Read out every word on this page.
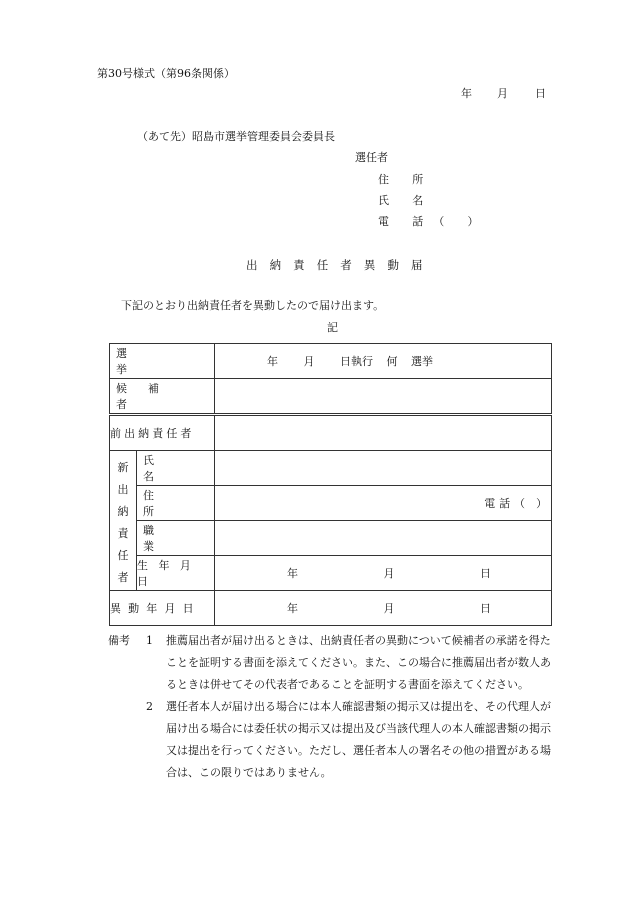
第30号様式（第96条関係）
年 月 日
（あて先）昭島市選挙管理委員会委員長
選任者
住 所
氏 名
電 話（ ）
出納責任者異動届
下記のとおり出納責任者を異動したので届け出ます。
記
選挙		年 月 日執行 何 選挙

候補者		

前出納責任者		

新出納責任者	氏名	

	住所	電話（ ）

	職業	

	生年月日	年 月 日

異動年月日		年 月 日
備考	1	推薦届出者が届け出るときは、出納責任者の異動について候補者の承諾を得たことを証明する書面を添えてください。また、この場合に推薦届出者が数人あるときは併せてその代表者であることを証明する書面を添えてください。
2	選任者本人が届け出る場合には本人確認書類の掲示又は提出を、その代理人が届け出る場合には委任状の掲示又は提出及び当該代理人の本人確認書類の掲示又は提出を行ってください。ただし、選任者本人の署名その他の措置がある場合は、この限りではありません。
